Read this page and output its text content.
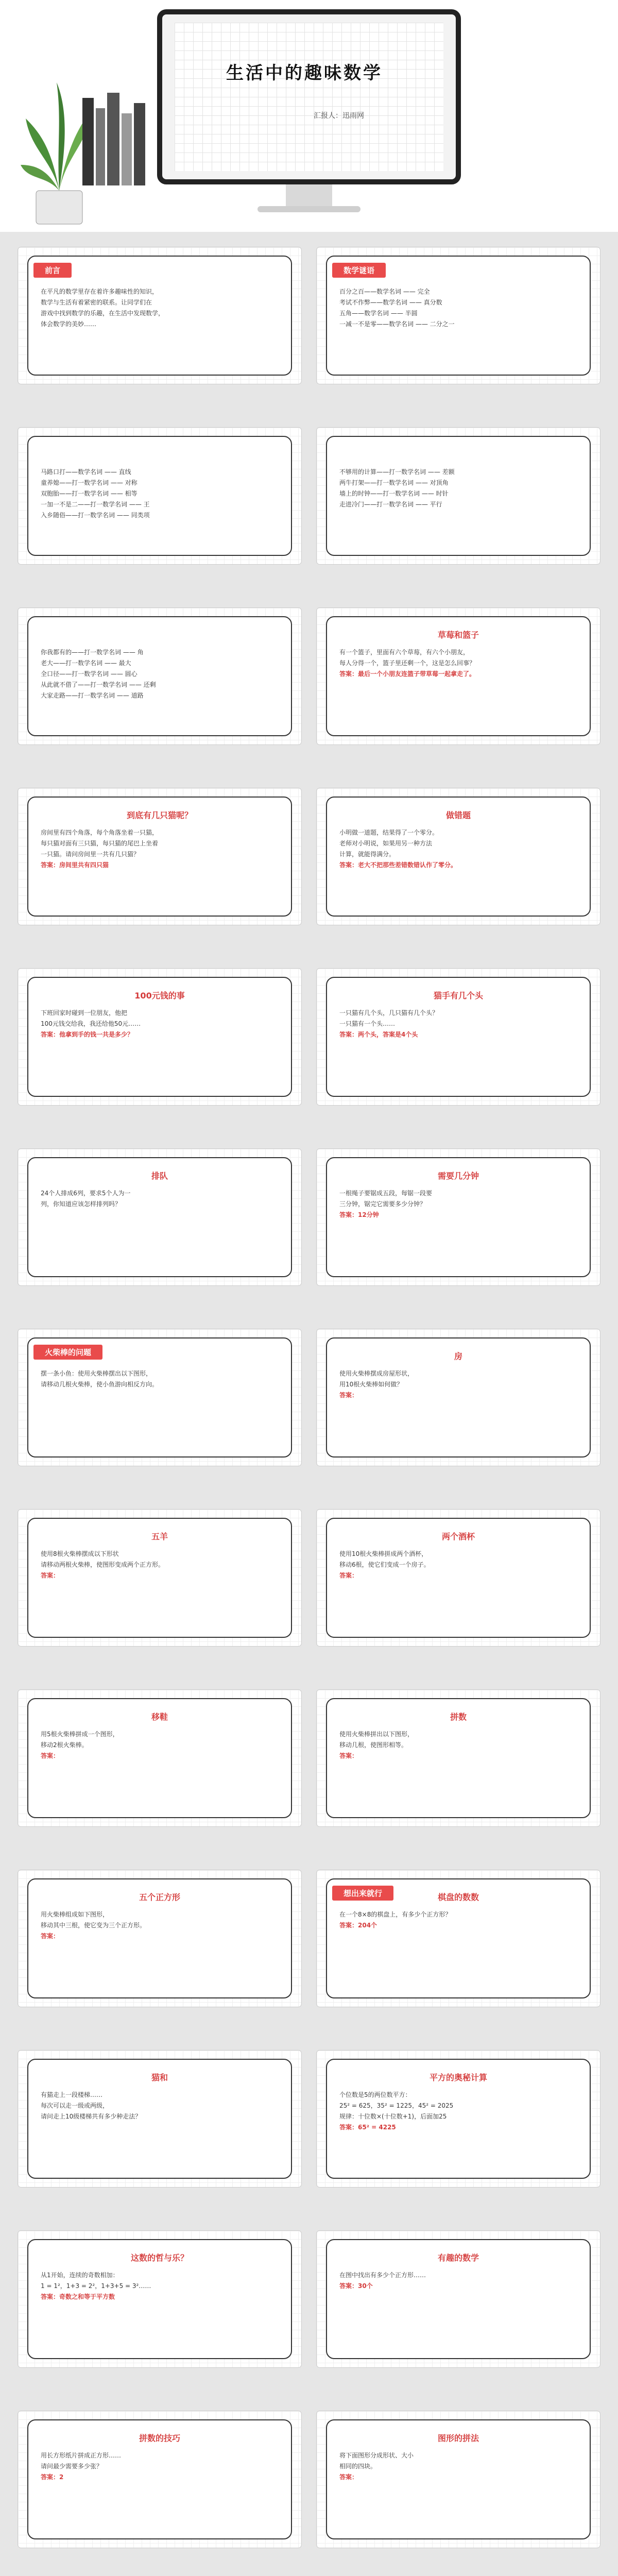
生活中的趣味数学
汇报人：迅雨网
前言
在平凡的数学里存在着许多趣味性的知识，
数学与生活有着紧密的联系。让同学们在
游戏中找到数学的乐趣，在生活中发现数学，
体会数学的美妙……
数学谜语
百分之百——数学名词 —— 完全
考试不作弊——数学名词 —— 真分数
五角——数学名词 —— 半圆
一减一不是零——数学名词 —— 二分之一
马路口打——数学名词 —— 直线
童养媳——打一数学名词 —— 对称
双胞胎——打一数学名词 —— 相等
一加一不是二——打一数学名词 —— 王
入乡随俗——打一数学名词 —— 同类项
不够用的计算——打一数学名词 —— 差额
两牛打架——打一数学名词 —— 对顶角
墙上的时钟——打一数学名词 —— 时针
走进冷门——打一数学名词 —— 平行
你我都有的——打一数学名词 —— 角
老大——打一数学名词 —— 最大
全口径——打一数学名词 —— 圆心
从此就不借了——打一数学名词 —— 还剩
大家走路——打一数学名词 —— 道路
草莓和篮子
有一个篮子，里面有六个草莓，有六个小朋友，
每人分得一个，篮子里还剩一个，这是怎么回事？
答案：最后一个小朋友连篮子带草莓一起拿走了。
到底有几只猫呢？
房间里有四个角落，每个角落坐着一只猫，
每只猫对面有三只猫，每只猫的尾巴上坐着
一只猫。请问房间里一共有几只猫？
答案：房间里共有四只猫
做错题
小明做一道题，结果得了一个零分。
老师对小明说，如果用另一种方法
计算，就能得满分。
答案：老大不把那些差错数错认作了零分。
100元钱的事
下班回家时碰到一位朋友，他把
100元钱交给我，我还给他50元……
答案：他拿到手的钱一共是多少？
猫手有几个头
一只猫有几个头，几只猫有几个头？
一只猫有一个头……
答案：两个头，答案是4个头
排队
24个人排成6列，要求5个人为一
列，你知道应该怎样排列吗？
需要几分钟
一根绳子要锯成五段，每锯一段要
三分钟，锯完它需要多少分钟？
答案：12分钟
火柴棒的问题
摆一条小鱼：使用火柴棒摆出以下图形，
请移动几根火柴棒，使小鱼游向相反方向。
房
使用火柴棒摆成房屋形状，
用10根火柴棒如何做？
答案：
五羊
使用8根火柴棒摆成以下形状
请移动两根火柴棒，使图形变成两个正方形。
答案：
两个酒杯
使用10根火柴棒拼成两个酒杯，
移动6根，使它们变成一个房子。
答案：
移鞋
用5根火柴棒拼成一个图形，
移动2根火柴棒。
答案：
拼数
使用火柴棒拼出以下图形，
移动几根，使图形相等。
答案：
五个正方形
用火柴棒组成如下图形，
移动其中三根，使它变为三个正方形。
答案：
想出来就行	棋盘的数数
在一个8×8的棋盘上，有多少个正方形？
答案：204个
猫和
有猫走上一段楼梯……
每次可以走一级或两级，
请问走上10级楼梯共有多少种走法？
平方的奥秘计算
个位数是5的两位数平方：
25² = 625，35² = 1225，45² = 2025
规律：十位数×(十位数+1)，后面加25
答案：65² = 4225
这数的哲与乐？
从1开始，连续的奇数相加：
1 = 1²，1+3 = 2²，1+3+5 = 3²……
答案：奇数之和等于平方数
有趣的数学
在图中找出有多少个正方形……
答案：30个
拼数的技巧
用长方形纸片拼成正方形……
请问最少需要多少张？
答案：2
图形的拼法
将下面图形分成形状、大小
相同的四块。
答案：
